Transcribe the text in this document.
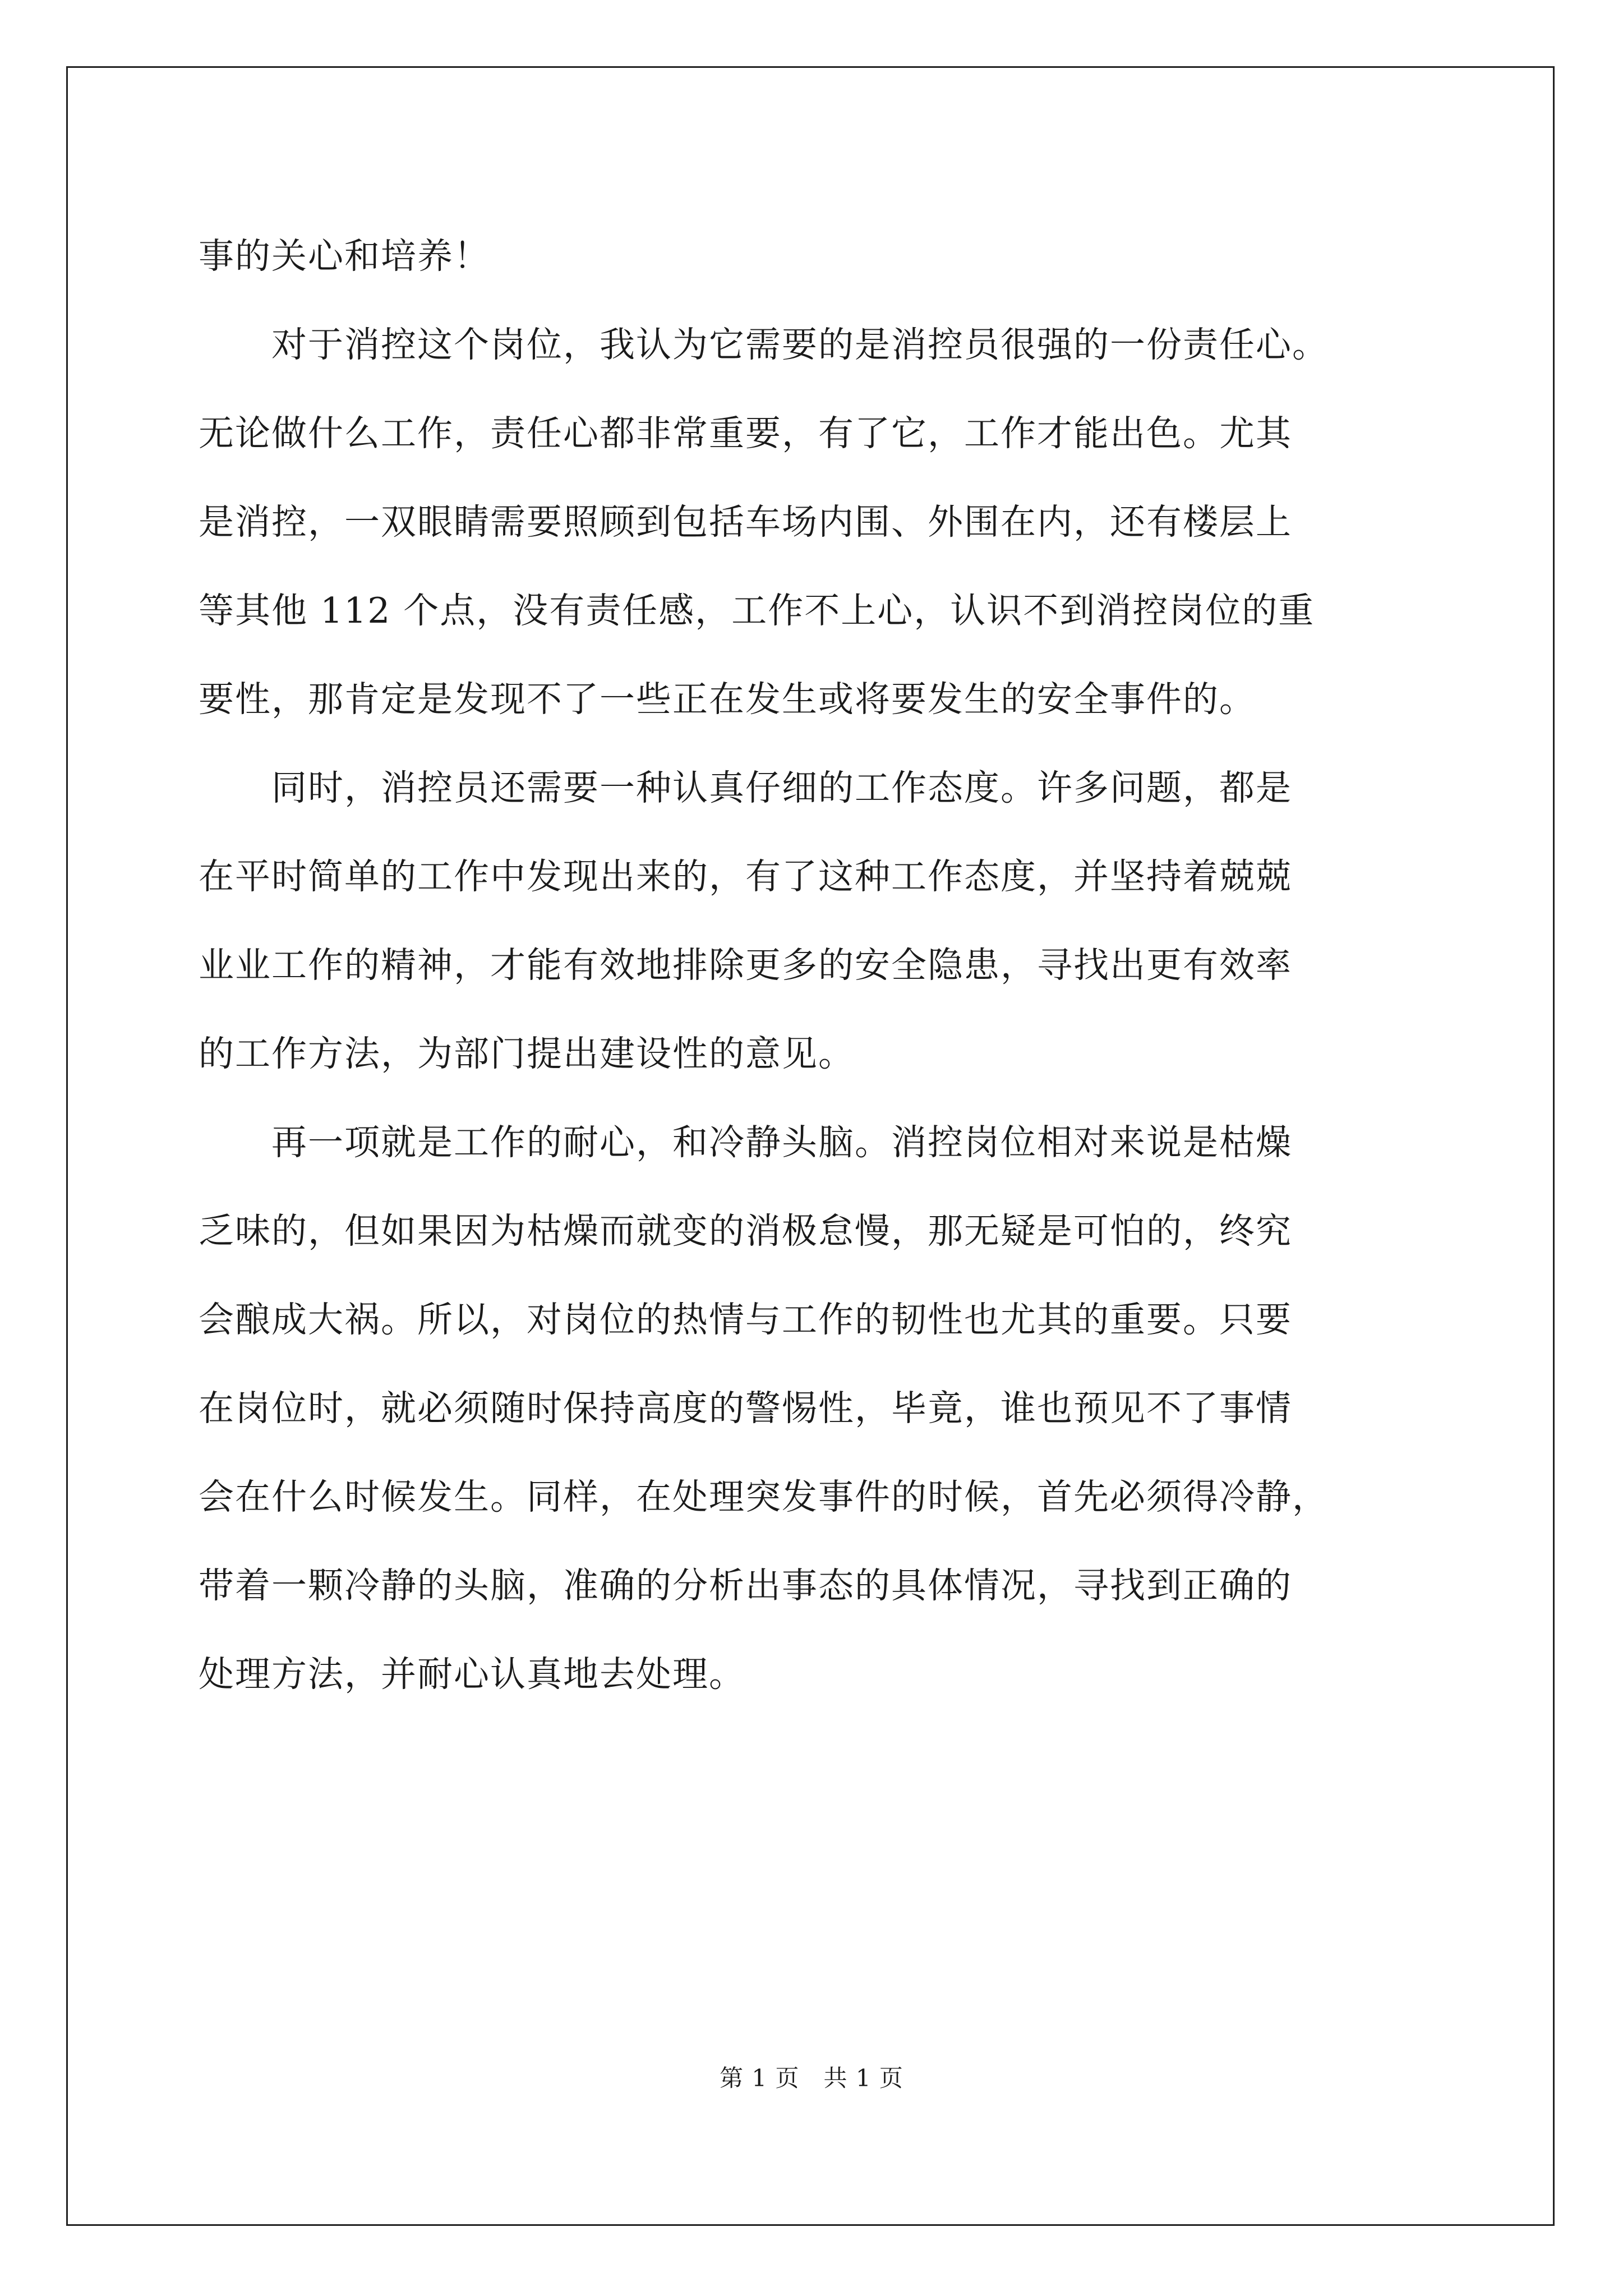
事的关心和培养！
　　对于消控这个岗位，我认为它需要的是消控员很强的一份责任心。
无论做什么工作，责任心都非常重要，有了它，工作才能出色。尤其
是消控，一双眼睛需要照顾到包括车场内围、外围在内，还有楼层上
等其他 112 个点，没有责任感，工作不上心，认识不到消控岗位的重
要性，那肯定是发现不了一些正在发生或将要发生的安全事件的。
　　同时，消控员还需要一种认真仔细的工作态度。许多问题，都是
在平时简单的工作中发现出来的，有了这种工作态度，并坚持着兢兢
业业工作的精神，才能有效地排除更多的安全隐患，寻找出更有效率
的工作方法，为部门提出建设性的意见。
　　再一项就是工作的耐心，和冷静头脑。消控岗位相对来说是枯燥
乏味的，但如果因为枯燥而就变的消极怠慢，那无疑是可怕的，终究
会酿成大祸。所以，对岗位的热情与工作的韧性也尤其的重要。只要
在岗位时，就必须随时保持高度的警惕性，毕竟，谁也预见不了事情
会在什么时候发生。同样，在处理突发事件的时候，首先必须得冷静，
带着一颗冷静的头脑，准确的分析出事态的具体情况，寻找到正确的
处理方法，并耐心认真地去处理。
第 1 页　共 1 页
